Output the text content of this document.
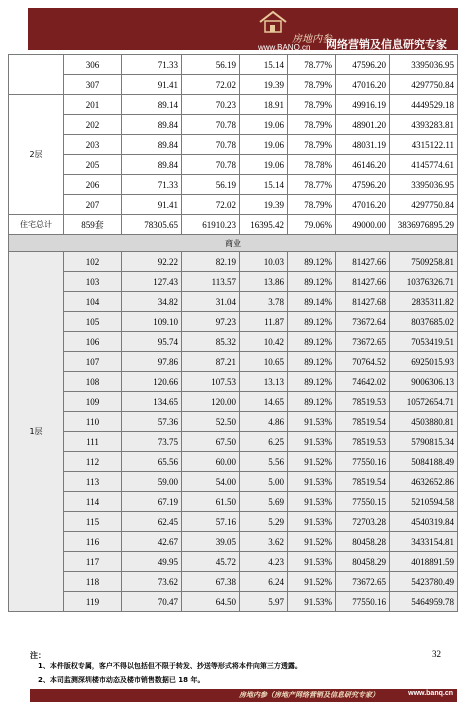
房地内参
www.BANQ.cn 网络营销及信息研究专家
	306	71.33	56.19	15.14	78.77%	47596.20	3395036.95
	307	91.41	72.02	19.39	78.79%	47016.20	4297750.84
2层	201	89.14	70.23	18.91	78.79%	49916.19	4449529.18
	202	89.84	70.78	19.06	78.79%	48901.20	4393283.81
	203	89.84	70.78	19.06	78.79%	48031.19	4315122.11
	205	89.84	70.78	19.06	78.78%	46146.20	4145774.61
	206	71.33	56.19	15.14	78.77%	47596.20	3395036.95
	207	91.41	72.02	19.39	78.79%	47016.20	4297750.84
住宅总计	859套	78305.65	61910.23	16395.42	79.06%	49000.00	3836976895.29
商业							
1层	102	92.22	82.19	10.03	89.12%	81427.66	7509258.81
	103	127.43	113.57	13.86	89.12%	81427.66	10376326.71
	104	34.82	31.04	3.78	89.14%	81427.68	2835311.82
	105	109.10	97.23	11.87	89.12%	73672.64	8037685.02
	106	95.74	85.32	10.42	89.12%	73672.65	7053419.51
	107	97.86	87.21	10.65	89.12%	70764.52	6925015.93
	108	120.66	107.53	13.13	89.12%	74642.02	9006306.13
	109	134.65	120.00	14.65	89.12%	78519.53	10572654.71
	110	57.36	52.50	4.86	91.53%	78519.54	4503880.81
	111	73.75	67.50	6.25	91.53%	78519.53	5790815.34
	112	65.56	60.00	5.56	91.52%	77550.16	5084188.49
	113	59.00	54.00	5.00	91.53%	78519.54	4632652.86
	114	67.19	61.50	5.69	91.53%	77550.15	5210594.58
	115	62.45	57.16	5.29	91.53%	72703.28	4540319.84
	116	42.67	39.05	3.62	91.52%	80458.28	3433154.81
	117	49.95	45.72	4.23	91.53%	80458.29	4018891.59
	118	73.62	67.38	6.24	91.52%	73672.65	5423780.49
	119	70.47	64.50	5.97	91.53%	77550.16	5464959.78
32
注：
1、本件版权专属，客户不得以包括但不限于转发、抄送等形式将本件向第三方透露。
2、本司监测深圳楼市动态及楼市销售数据已 18 年。
房地内参（房地产网络营销及信息研究专家）	www.banq.cn
